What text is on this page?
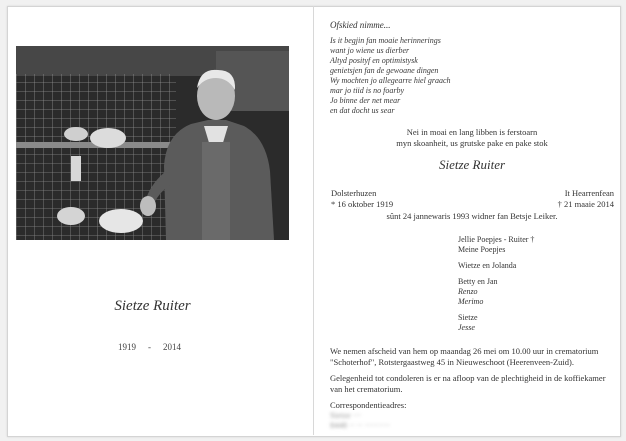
Sietze Ruiter
1919 - 2014
Ofskied nimme...
Is it begjin fan moaie herinnerings
want jo wiene us dierber
Altyd posityf en optimistysk
genietsjen fan de gewoane dingen
Wy mochten jo allegearre hiel graach
mar jo tiid is no foarby
Jo binne der net mear
en dat docht us sear
Nei in moai en lang libben is ferstoarn
myn skoanheit, us grutske pake en pake stok
Sietze Ruiter
Dolsterhuzen
* 16 oktober 1919
It Hearrenfean
† 21 maaie 2014
sûnt 24 jannewaris 1993 widner fan Betsje Leiker.
Jellie Poepjes - Ruiter †
Meine Poepjes
Wietze en Jolanda
Betty en Jan
Renzo
Merimo
Sietze
Jesse

We nemen afscheid van hem op maandag 26 mei om 10.00 uur in crematorium "Schoterhof", Rotstergaastweg 45 in Nieuweschoot (Heerenveen-Zuid).

Gelegenheid tot condoleren is er na afloop van de plechtigheid in de koffiekamer van het crematorium.

Correspondentieadres:
Sietze ···
8448 ·· ·· ·········
